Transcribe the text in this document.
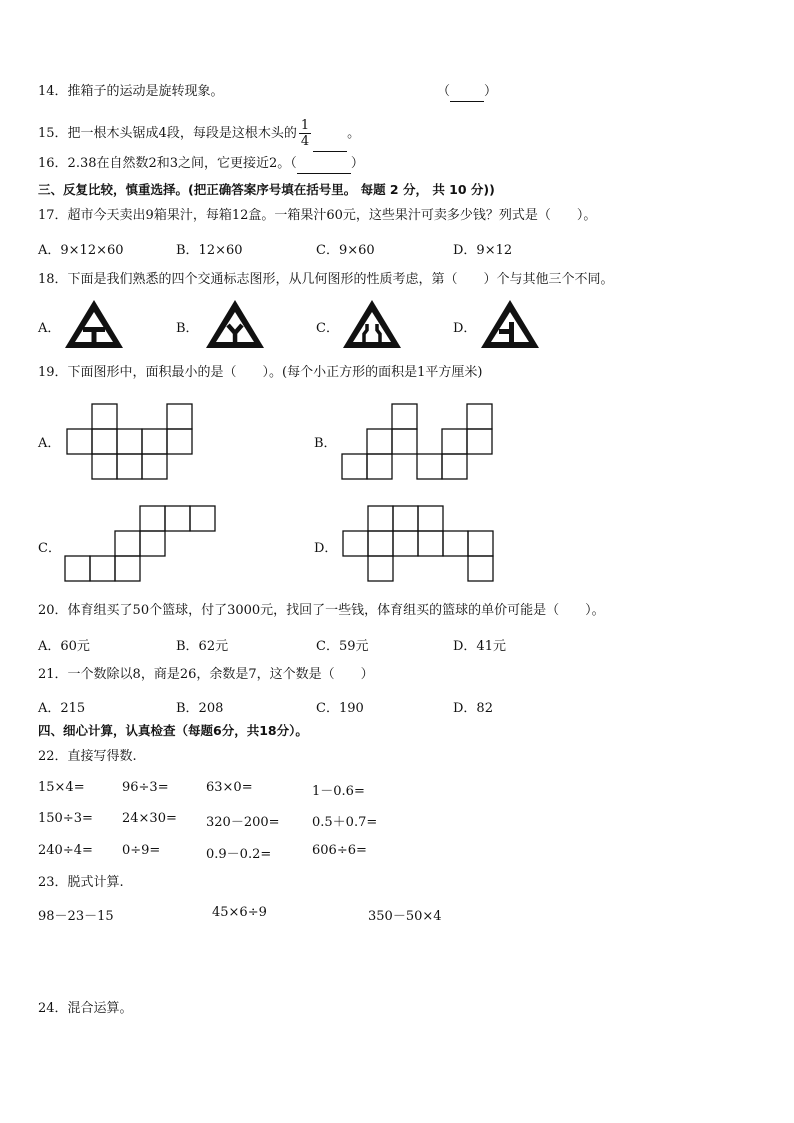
14．推箱子的运动是旋转现象。	（	）
15．把一根木头锯成4段，每段是这根木头的 $\frac{1}{4}$	。
16．2.38在自然数2和3之间，它更接近2。（	）
三、反复比较，慎重选择。(把正确答案序号填在括号里。 每题 2 分， 共 10 分))
17．超市今天卖出9箱果汁，每箱12盒。一箱果汁60元，这些果汁可卖多少钱？列式是（　　）。
A．9×12×60	B．12×60	C．9×60	D．9×12
18．下面是我们熟悉的四个交通标志图形，从几何图形的性质考虑，第（　　）个与其他三个不同。
A．	B．	C．	D．
19．下面图形中，面积最小的是（　　）。(每个小正方形的面积是1平方厘米)
A．	B．
C．	D．
20．体育组买了50个篮球，付了3000元，找回了一些钱，体育组买的篮球的单价可能是（　　）。
A．60元	B．62元	C．59元	D．41元
21．一个数除以8，商是26，余数是7，这个数是（　　）
A．215	B．208	C．190	D．82
四、细心计算，认真检查（每题6分，共18分）。
22．直接写得数.
15×4=	96÷3=	63×0=	1－0.6=
150÷3= 24×30= 320－200= 0.5＋0.7=
240÷4= 0÷9=	0.9－0.2=	606÷6=
23．脱式计算.
98－23－15	45×6÷9	350－50×4
24．混合运算。
